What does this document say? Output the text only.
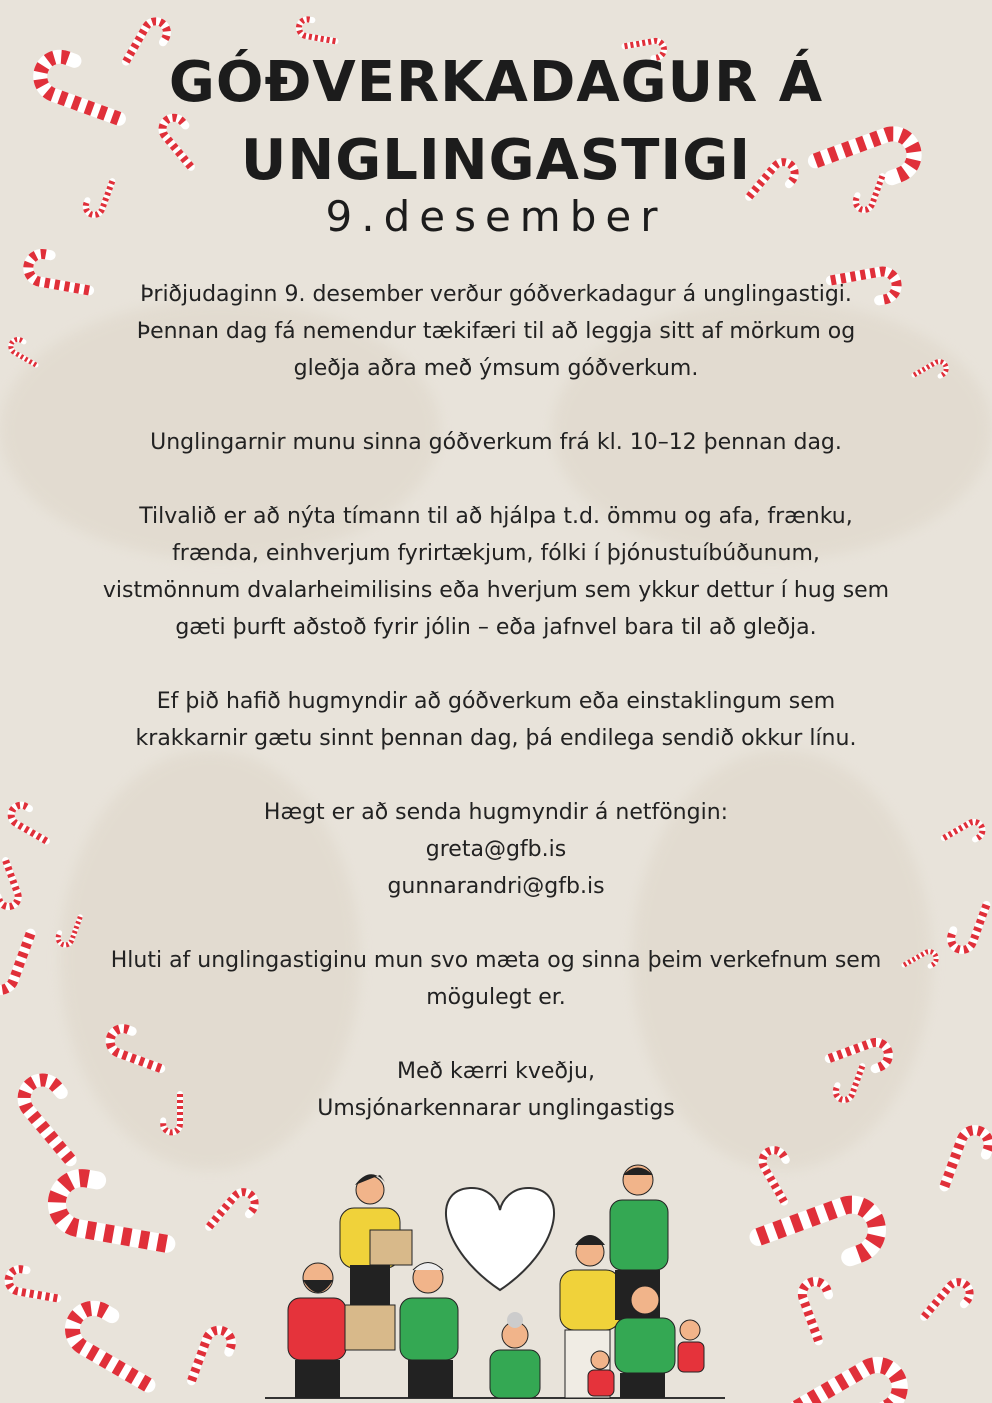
GÓÐVERKADAGUR Á
UNGLINGASTIGI
9.desember
Þriðjudaginn 9. desember verður góðverkadagur á unglingastigi.
Þennan dag fá nemendur tækifæri til að leggja sitt af mörkum og
gleðja aðra með ýmsum góðverkum.
Unglingarnir munu sinna góðverkum frá kl. 10–12 þennan dag.
Tilvalið er að nýta tímann til að hjálpa t.d. ömmu og afa, frænku,
frænda, einhverjum fyrirtækjum, fólki í þjónustuíbúðunum,
vistmönnum dvalarheimilisins eða hverjum sem ykkur dettur í hug sem
gæti þurft aðstoð fyrir jólin – eða jafnvel bara til að gleðja.
Ef þið hafið hugmyndir að góðverkum eða einstaklingum sem
krakkarnir gætu sinnt þennan dag, þá endilega sendið okkur línu.
Hægt er að senda hugmyndir á netföngin:
greta@gfb.is
gunnarandri@gfb.is
Hluti af unglingastiginu mun svo mæta og sinna þeim verkefnum sem
mögulegt er.
Með kærri kveðju,
Umsjónarkennarar unglingastigs
